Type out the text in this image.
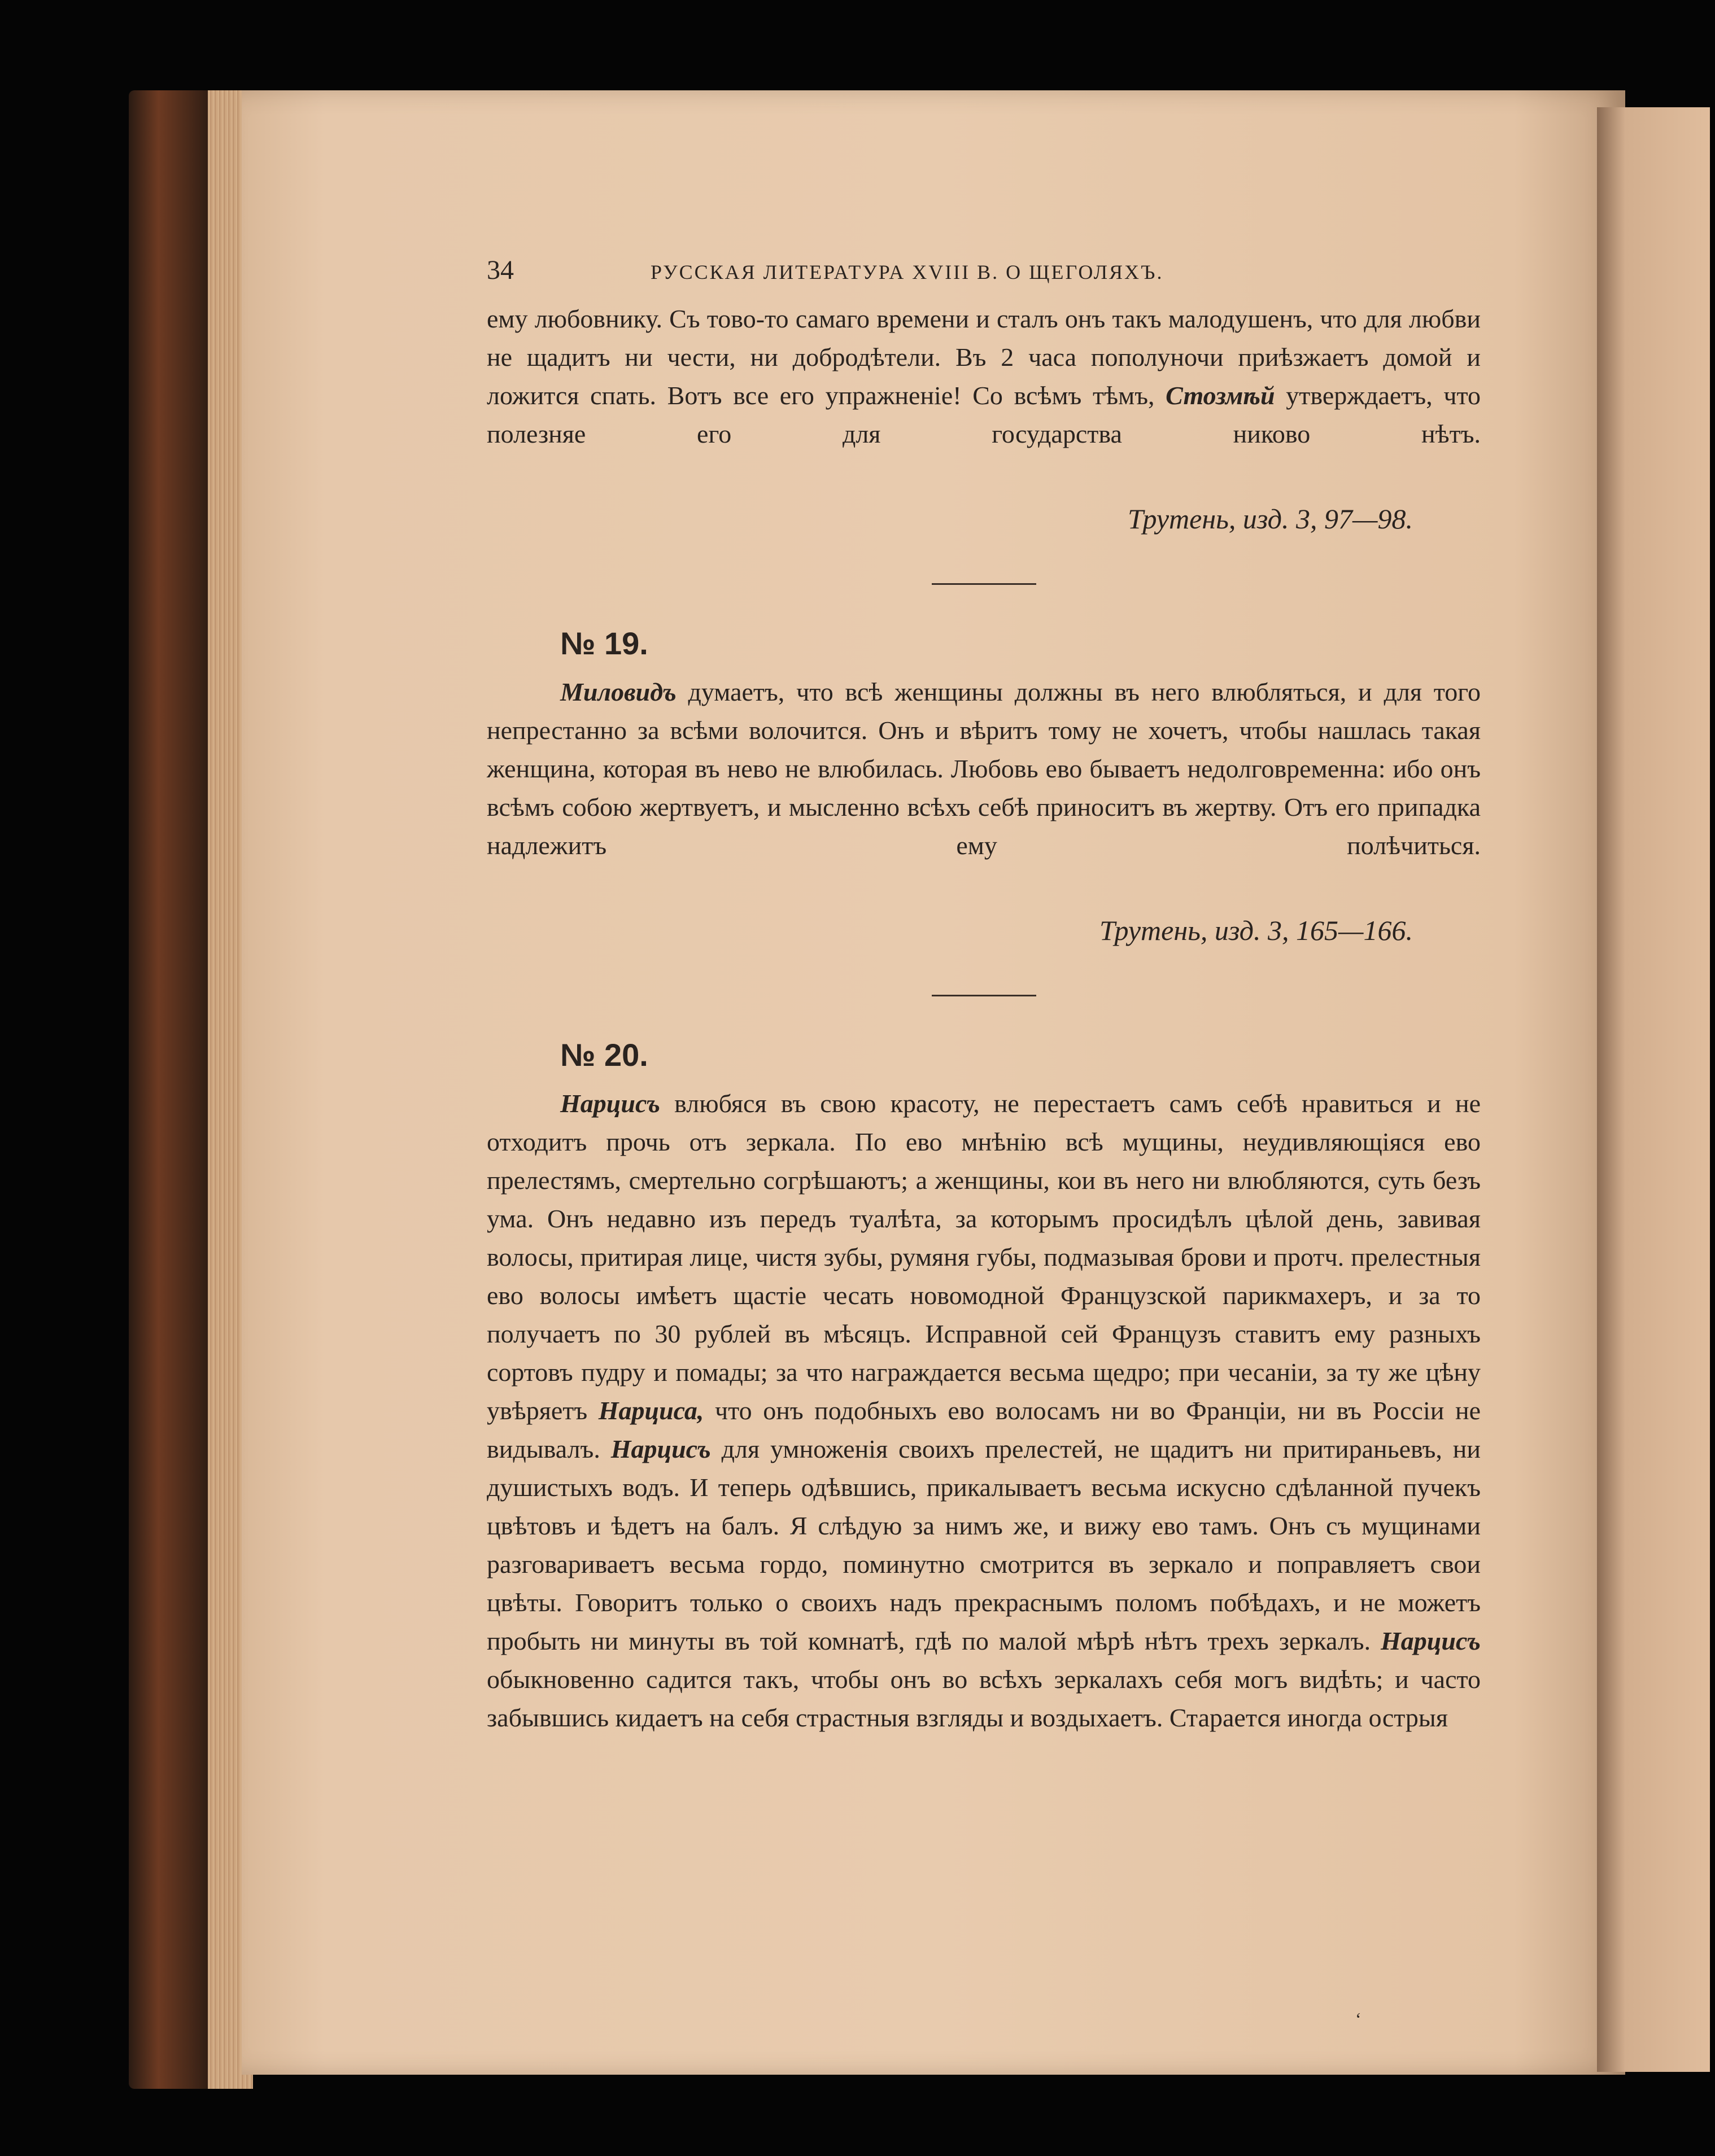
34	РУССКАЯ ЛИТЕРАТУРА XVIII В. О ЩЕГОЛЯХЪ.

ему любовнику. Съ тово-то самаго времени и сталъ онъ такъ малодушенъ, что для любви не щадитъ ни чести, ни добродѣтели. Въ 2 часа пополуночи приѣзжаетъ домой и ложится спать. Вотъ все его упражненіе! Со всѣмъ тѣмъ, Стозмѣй утверждаетъ, что полезняе его для государства никово нѣтъ.

Трутень, изд. 3, 97—98.
№ 19.

Миловидъ думаетъ, что всѣ женщины должны въ него влюбляться, и для того непрестанно за всѣми волочится. Онъ и вѣритъ тому не хочетъ, чтобы нашлась такая женщина, которая въ нево не влюбилась. Любовь ево бываетъ недолговременна: ибо онъ всѣмъ собою жертвуетъ, и мысленно всѣхъ себѣ приноситъ въ жертву. Отъ его припадка надлежитъ ему полѣчиться.

Трутень, изд. 3, 165—166.
№ 20.

Нарцисъ влюбяся въ свою красоту, не перестаетъ самъ себѣ нравиться и не отходитъ прочь отъ зеркала. По ево мнѣнію всѣ мущины, неудивляющіяся ево прелестямъ, смертельно согрѣшаютъ; а женщины, кои въ него ни влюбляются, суть безъ ума. Онъ недавно изъ передъ туалѣта, за которымъ просидѣлъ цѣлой день, завивая волосы, притирая лице, чистя зубы, румяня губы, подмазывая брови и протч. прелестныя ево волосы имѣетъ щастіе чесать новомодной Французской парикмахеръ, и за то получаетъ по 30 рублей въ мѣсяцъ. Исправной сей Французъ ставитъ ему разныхъ сортовъ пудру и помады; за что награждается весьма щедро; при чесаніи, за ту же цѣну увѣряетъ Нарциса, что онъ подобныхъ ево волосамъ ни во Франціи, ни въ Россіи не видывалъ. Нарцисъ для умноженія своихъ прелестей, не щадитъ ни притираньевъ, ни душистыхъ водъ. И теперь одѣвшись, прикалываетъ весьма искусно сдѣланной пучекъ цвѣтовъ и ѣдетъ на балъ. Я слѣдую за нимъ же, и вижу ево тамъ. Онъ съ мущинами разговариваетъ весьма гордо, поминутно смотрится въ зеркало и поправляетъ свои цвѣты. Говоритъ только о своихъ надъ прекраснымъ поломъ побѣдахъ, и не можетъ пробыть ни минуты въ той комнатѣ, гдѣ по малой мѣрѣ нѣтъ трехъ зеркалъ. Нарцисъ обыкновенно садится такъ, чтобы онъ во всѣхъ зеркалахъ себя могъ видѣть; и часто забывшись кидаетъ на себя страстныя взгляды и воздыхаетъ. Старается иногда острыя

‘
